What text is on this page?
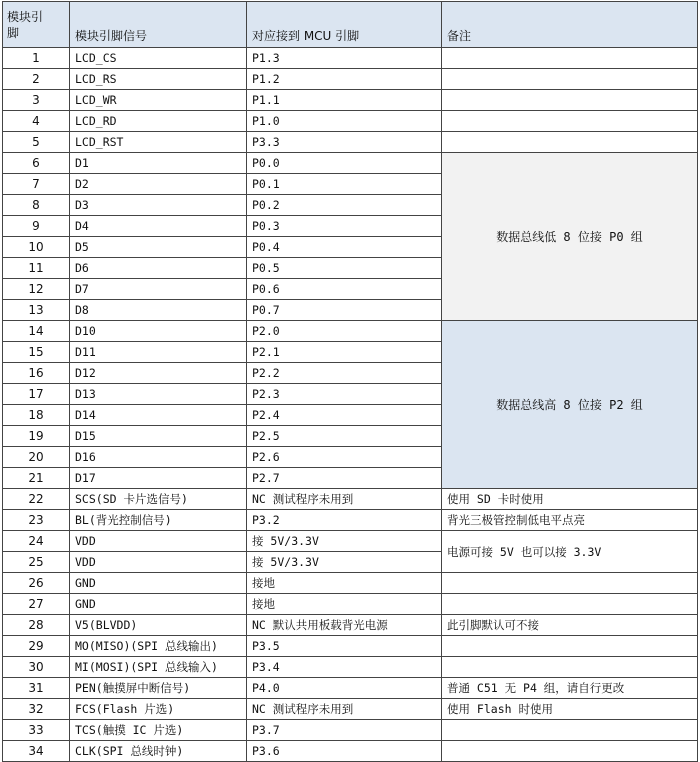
模块引
脚	模块引脚信号	对应接到 MCU 引脚	备注
1	LCD_CS	P1.3	
2	LCD_RS	P1.2	
3	LCD_WR	P1.1	
4	LCD_RD	P1.0	
5	LCD_RST	P3.3	
6	D1	P0.0	数据总线低 8 位接 P0 组
7	D2	P0.1	
8	D3	P0.2	
9	D4	P0.3	
10	D5	P0.4	
11	D6	P0.5	
12	D7	P0.6	
13	D8	P0.7	
14	D10	P2.0	数据总线高 8 位接 P2 组
15	D11	P2.1	
16	D12	P2.2	
17	D13	P2.3	
18	D14	P2.4	
19	D15	P2.5	
20	D16	P2.6	
21	D17	P2.7	
22	SCS(SD 卡片选信号)	NC 测试程序未用到	使用 SD 卡时使用
23	BL(背光控制信号)	P3.2	背光三极管控制低电平点亮
24	VDD	接 5V/3.3V	电源可接 5V 也可以接 3.3V
25	VDD	接 5V/3.3V	
26	GND	接地	
27	GND	接地	
28	V5(BLVDD)	NC 默认共用板载背光电源	此引脚默认可不接
29	MO(MISO)(SPI 总线输出)	P3.5	
30	MI(MOSI)(SPI 总线输入)	P3.4	
31	PEN(触摸屏中断信号)	P4.0	普通 C51 无 P4 组，请自行更改
32	FCS(Flash 片选)	NC 测试程序未用到	使用 Flash 时使用
33	TCS(触摸 IC 片选)	P3.7	
34	CLK(SPI 总线时钟)	P3.6	
